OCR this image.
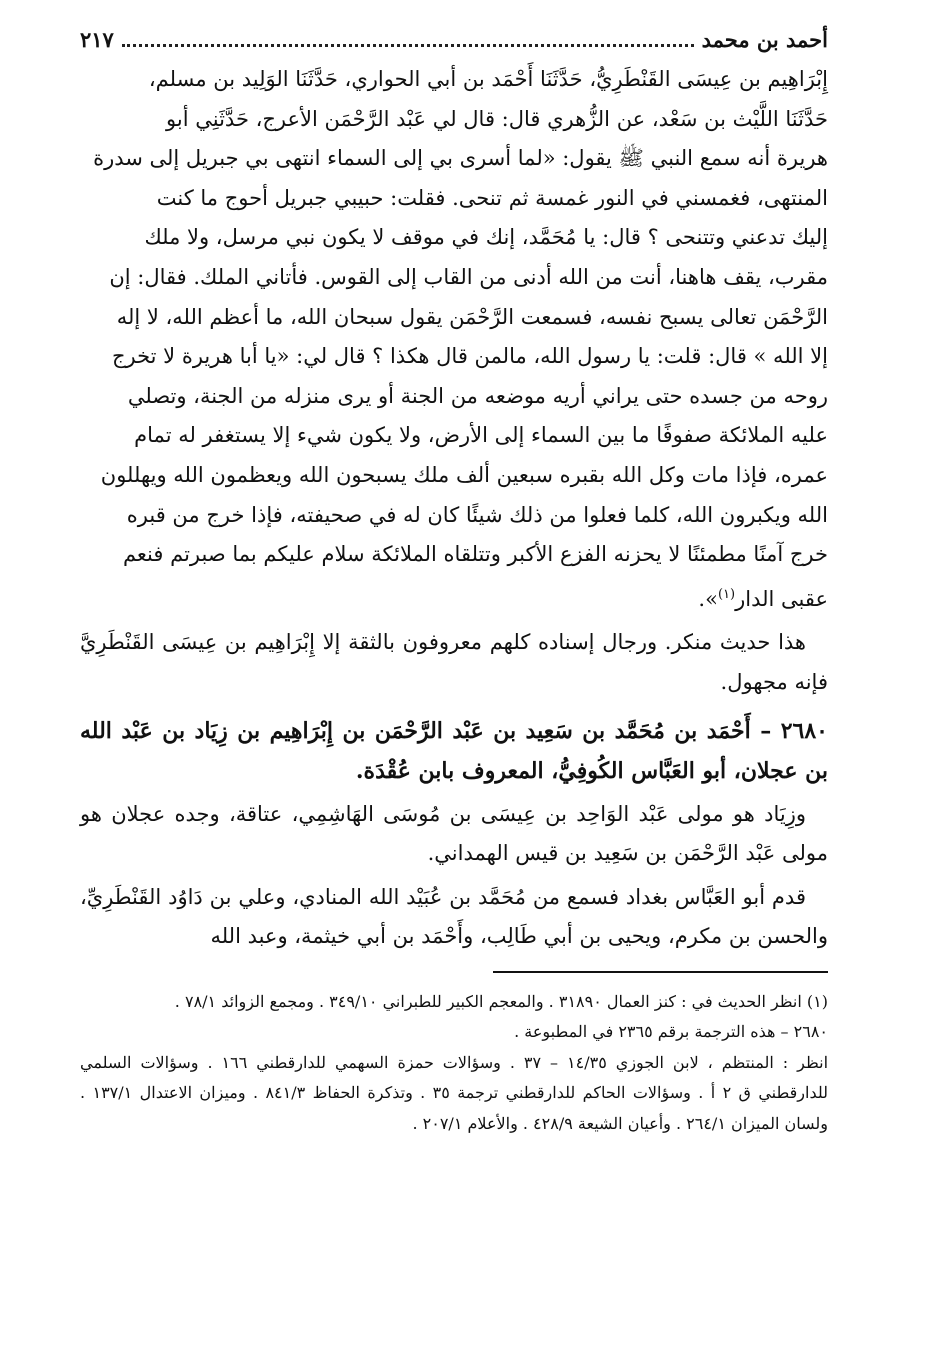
أحمد بن محمد
٢١٧

إِبْرَاهِيم بن عِيسَى القَنْطَرِيُّ، حَدَّثَنَا أَحْمَد بن أبي الحواري، حَدَّثَنَا الوَلِيد بن مسلم،

حَدَّثَنَا اللَّيْث بن سَعْد، عن الزُّهري قال: قال لي عَبْد الرَّحْمَن الأعرج، حَدَّثَنِي أبو

هريرة أنه سمع النبي ﷺ يقول: «لما أسرى بي إلى السماء انتهى بي جبريل إلى سدرة

المنتهى، فغمسني في النور غمسة ثم تنحى. فقلت: حبيبي جبريل أحوج ما كنت

إليك تدعني وتتنحى ؟ قال: يا مُحَمَّد، إنك في موقف لا يكون نبي مرسل، ولا ملك

مقرب، يقف هاهنا، أنت من الله أدنى من القاب إلى القوس. فأتاني الملك. فقال: إن

الرَّحْمَن تعالى يسبح نفسه، فسمعت الرَّحْمَن يقول سبحان الله، ما أعظم الله، لا إله

إلا الله » قال: قلت: يا رسول الله، مالمن قال هكذا ؟ قال لي: «يا أبا هريرة لا تخرج

روحه من جسده حتى يراني أريه موضعه من الجنة أو يرى منزله من الجنة، وتصلي

عليه الملائكة صفوفًا ما بين السماء إلى الأرض، ولا يكون شيء إلا يستغفر له تمام

عمره، فإذا مات وكل الله بقبره سبعين ألف ملك يسبحون الله ويعظمون الله ويهللون

الله ويكبرون الله، كلما فعلوا من ذلك شيئًا كان له في صحيفته، فإذا خرج من قبره

خرج آمنًا مطمئنًا لا يحزنه الفزع الأكبر وتتلقاه الملائكة سلام عليكم بما صبرتم فنعم

عقبى الدار$^{(١)}$».

هذا حديث منكر. ورجال إسناده كلهم معروفون بالثقة إلا إِبْرَاهِيم بن عِيسَى القَنْطَرِيَّ فإنه مجهول.

٢٦٨٠ – أَحْمَد بن مُحَمَّد بن سَعِيد بن عَبْد الرَّحْمَن بن إِبْرَاهِيم بن زِيَاد بن عَبْد الله بن عجلان، أبو العَبَّاس الكُوفِيُّ، المعروف بابن عُقْدَة.

وزِيَاد هو مولى عَبْد الوَاحِد بن عِيسَى بن مُوسَى الهَاشِمِي، عتاقة، وجده عجلان هو مولى عَبْد الرَّحْمَن بن سَعِيد بن قيس الهمداني.

قدم أبو العَبَّاس بغداد فسمع من مُحَمَّد بن عُبَيْد الله المنادي، وعلي بن دَاوُد القَنْطَرِيِّ، والحسن بن مكرم، ويحيى بن أبي طَالِب، وأَحْمَد بن أبي خيثمة، وعبد الله

(١) انظر الحديث في : كنز العمال ٣١٨٩٠ . والمعجم الكبير للطبراني ٣٤٩/١٠ . ومجمع الزوائد ٧٨/١ .

٢٦٨٠ – هذه الترجمة برقم ٢٣٦٥ في المطبوعة .

انظر : المنتظم ، لابن الجوزي ١٤/٣٥ – ٣٧ . وسؤالات حمزة السهمي للدارقطني ١٦٦ . وسؤالات السلمي للدارقطني ق ٢ أ . وسؤالات الحاكم للدارقطني ترجمة ٣٥ . وتذكرة الحفاظ ٨٤١/٣ . وميزان الاعتدال ١٣٧/١ . ولسان الميزان ٢٦٤/١ . وأعيان الشيعة ٤٢٨/٩ . والأعلام ٢٠٧/١ .
